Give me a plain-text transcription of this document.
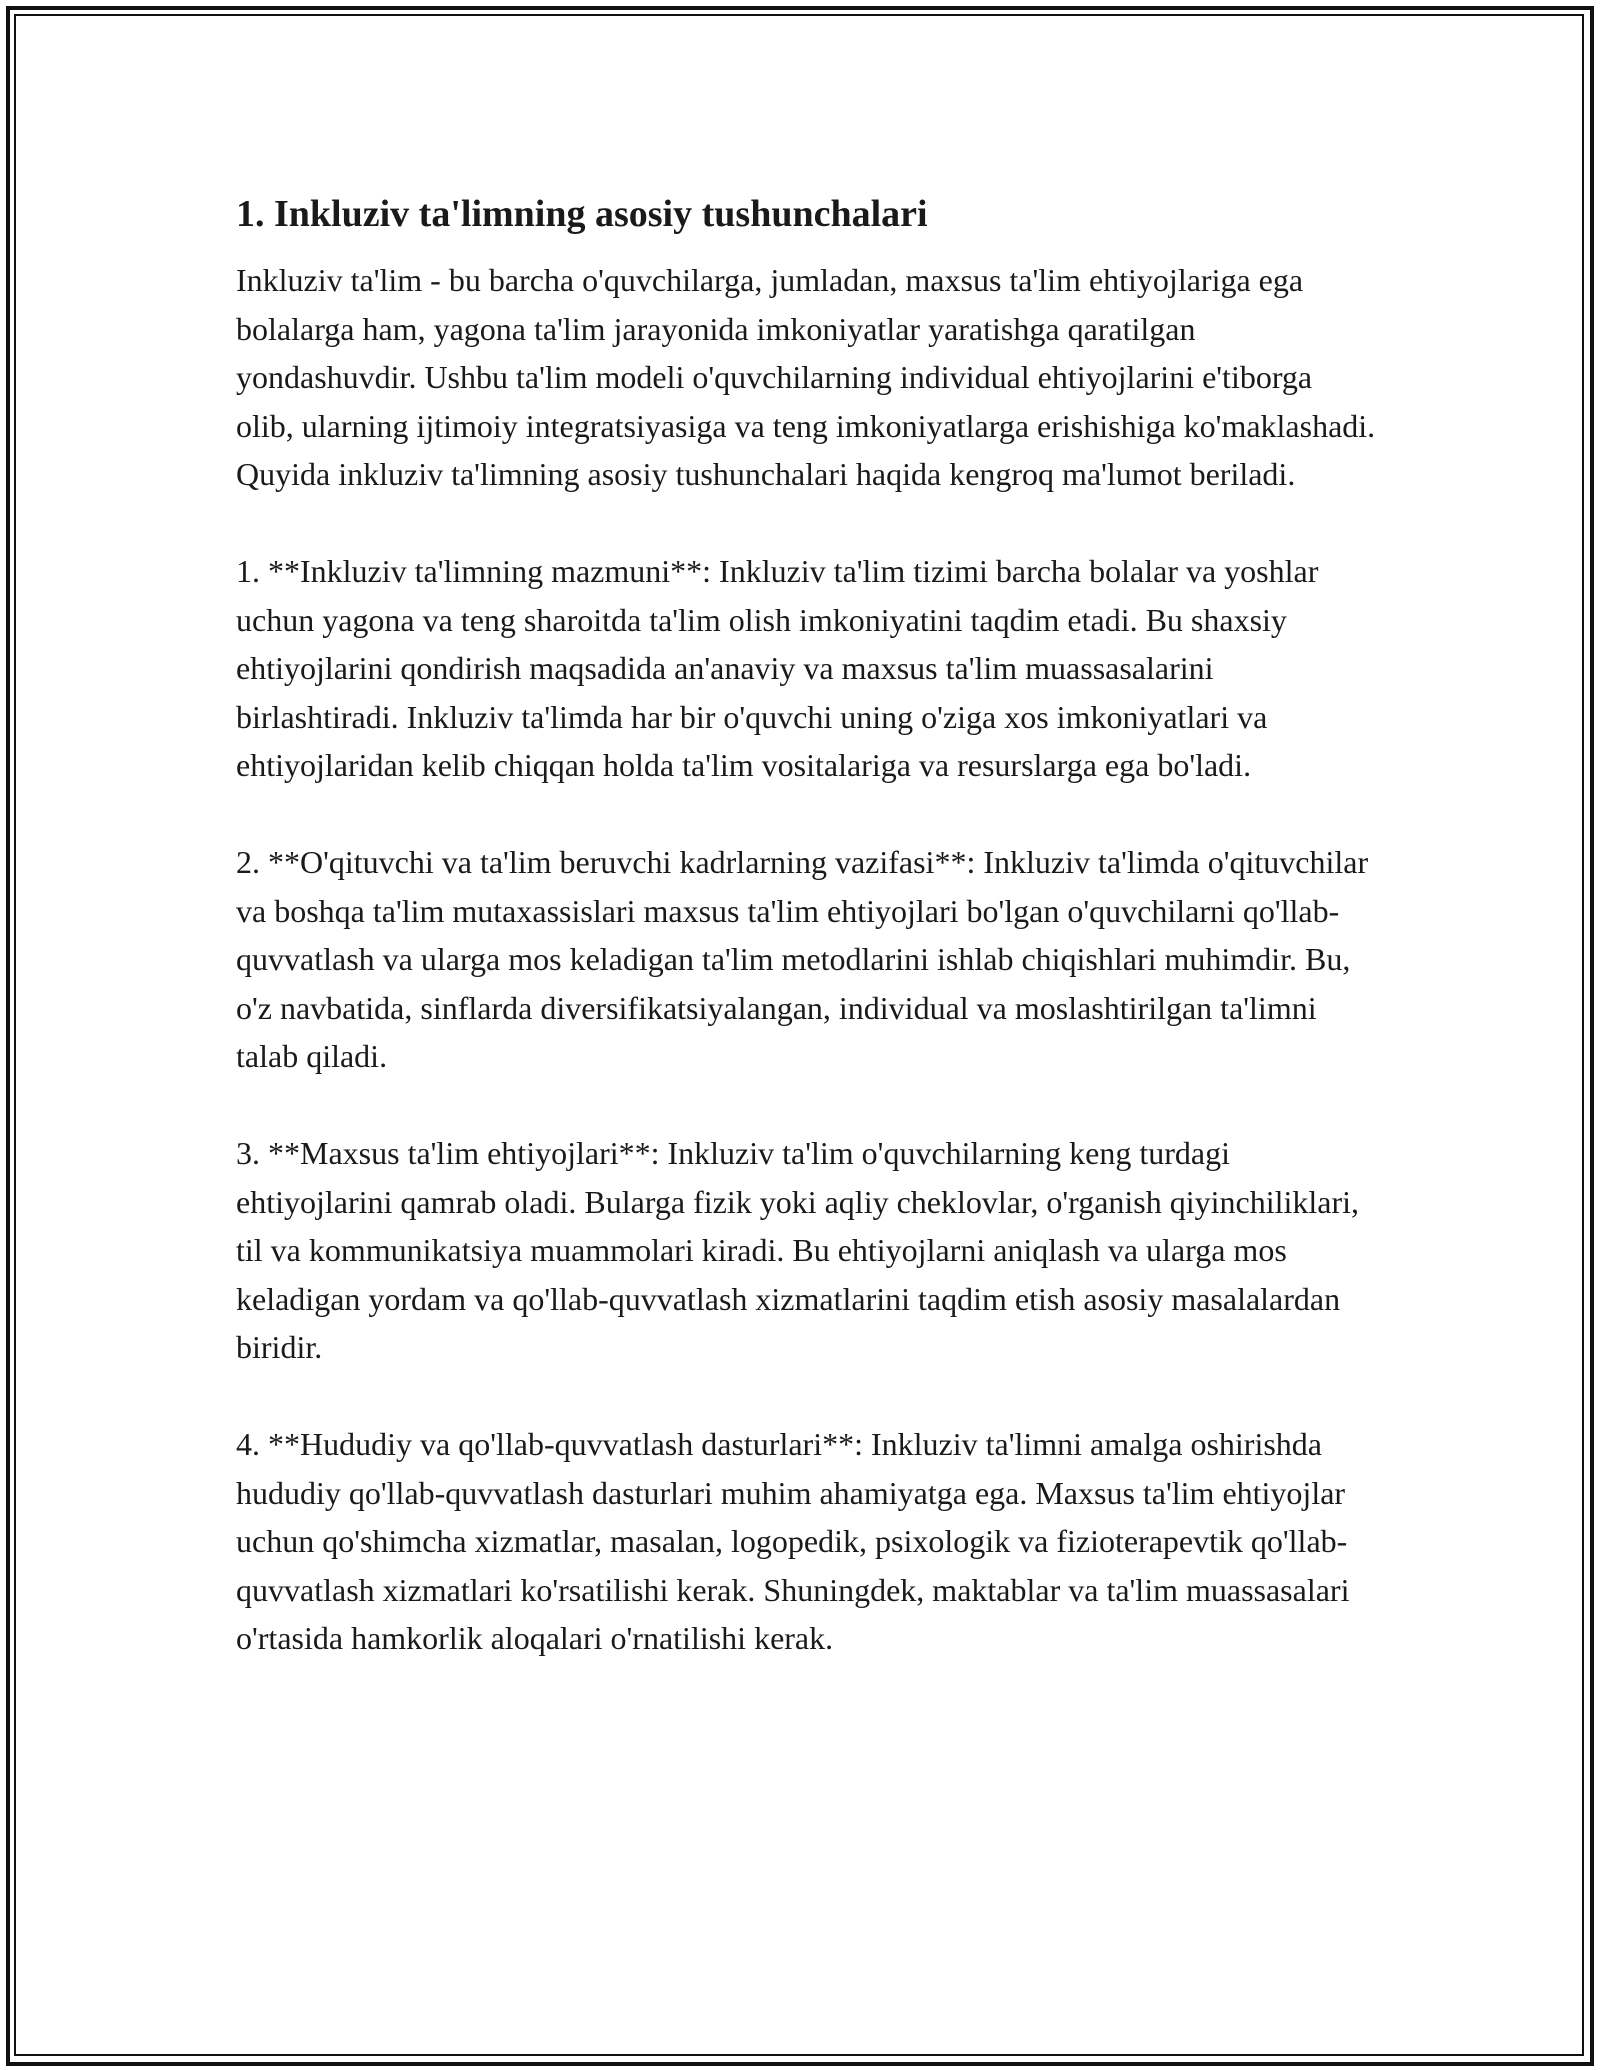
1. Inkluziv ta'limning asosiy tushunchalari

Inkluziv ta'lim - bu barcha o'quvchilarga, jumladan, maxsus ta'lim ehtiyojlariga ega bolalarga ham, yagona ta'lim jarayonida imkoniyatlar yaratishga qaratilgan yondashuvdir. Ushbu ta'lim modeli o'quvchilarning individual ehtiyojlarini e'tiborga olib, ularning ijtimoiy integratsiyasiga va teng imkoniyatlarga erishishiga ko'maklashadi. Quyida inkluziv ta'limning asosiy tushunchalari haqida kengroq ma'lumot beriladi.

1. **Inkluziv ta'limning mazmuni**: Inkluziv ta'lim tizimi barcha bolalar va yoshlar uchun yagona va teng sharoitda ta'lim olish imkoniyatini taqdim etadi. Bu shaxsiy ehtiyojlarini qondirish maqsadida an'anaviy va maxsus ta'lim muassasalarini birlashtiradi. Inkluziv ta'limda har bir o'quvchi uning o'ziga xos imkoniyatlari va ehtiyojlaridan kelib chiqqan holda ta'lim vositalariga va resurslarga ega bo'ladi.

2. **O'qituvchi va ta'lim beruvchi kadrlarning vazifasi**: Inkluziv ta'limda o'qituvchilar va boshqa ta'lim mutaxassislari maxsus ta'lim ehtiyojlari bo'lgan o'quvchilarni qo'llab-quvvatlash va ularga mos keladigan ta'lim metodlarini ishlab chiqishlari muhimdir. Bu, o'z navbatida, sinflarda diversifikatsiyalangan, individual va moslashtirilgan ta'limni talab qiladi.

3. **Maxsus ta'lim ehtiyojlari**: Inkluziv ta'lim o'quvchilarning keng turdagi ehtiyojlarini qamrab oladi. Bularga fizik yoki aqliy cheklovlar, o'rganish qiyinchiliklari, til va kommunikatsiya muammolari kiradi. Bu ehtiyojlarni aniqlash va ularga mos keladigan yordam va qo'llab-quvvatlash xizmatlarini taqdim etish asosiy masalalardan biridir.

4. **Hududiy va qo'llab-quvvatlash dasturlari**: Inkluziv ta'limni amalga oshirishda hududiy qo'llab-quvvatlash dasturlari muhim ahamiyatga ega. Maxsus ta'lim ehtiyojlar uchun qo'shimcha xizmatlar, masalan, logopedik, psixologik va fizioterapevtik qo'llab-quvvatlash xizmatlari ko'rsatilishi kerak. Shuningdek, maktablar va ta'lim muassasalari o'rtasida hamkorlik aloqalari o'rnatilishi kerak.
